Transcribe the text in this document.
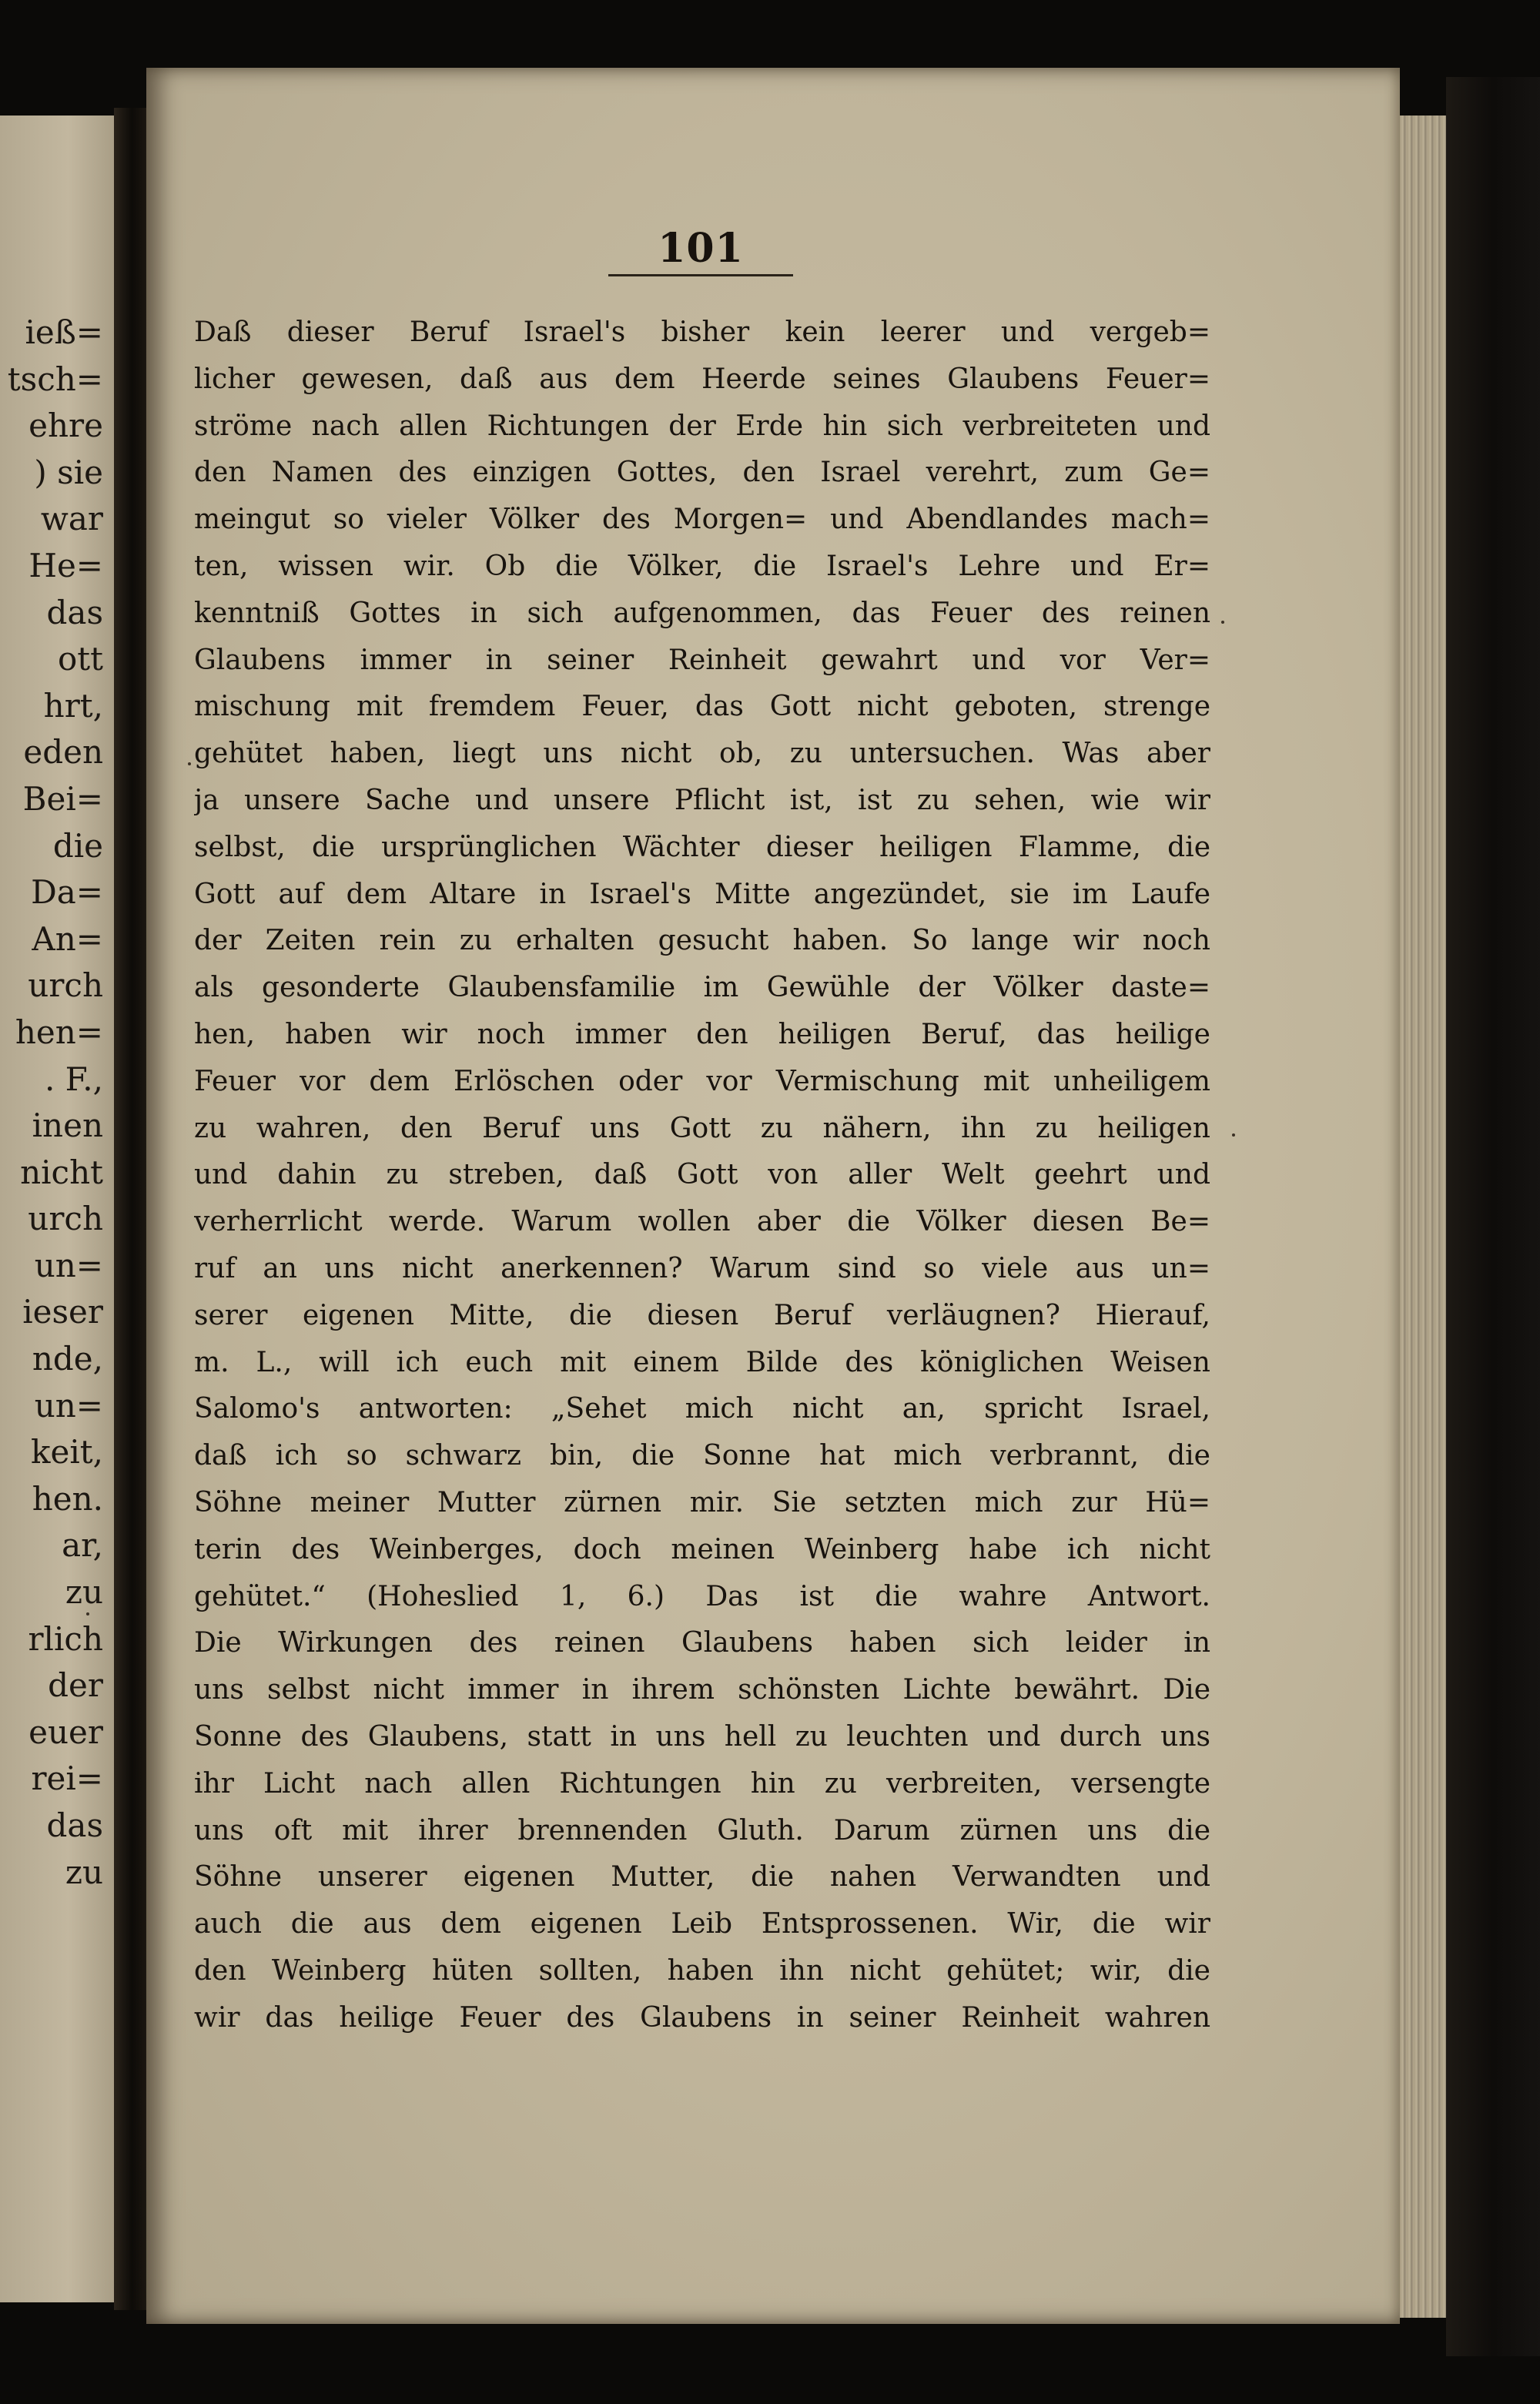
ieß=
tsch=
ehre
) sie
war
He=
das
ott
hrt,
eden
Bei=
die
Da=
An=
urch
hen=
. F.,
inen
nicht
urch
un=
ieser
nde,
un=
keit,
hen.
ar,
zu
rlich
der
euer
rei=
das
zu
101
Daß dieser Beruf Israel's bisher kein leerer und vergeb=
licher gewesen, daß aus dem Heerde seines Glaubens Feuer=
ströme nach allen Richtungen der Erde hin sich verbreiteten und
den Namen des einzigen Gottes, den Israel verehrt, zum Ge=
meingut so vieler Völker des Morgen= und Abendlandes mach=
ten, wissen wir. Ob die Völker, die Israel's Lehre und Er=
kenntniß Gottes in sich aufgenommen, das Feuer des reinen
Glaubens immer in seiner Reinheit gewahrt und vor Ver=
mischung mit fremdem Feuer, das Gott nicht geboten, strenge
gehütet haben, liegt uns nicht ob, zu untersuchen. Was aber
ja unsere Sache und unsere Pflicht ist, ist zu sehen, wie wir
selbst, die ursprünglichen Wächter dieser heiligen Flamme, die
Gott auf dem Altare in Israel's Mitte angezündet, sie im Laufe
der Zeiten rein zu erhalten gesucht haben. So lange wir noch
als gesonderte Glaubensfamilie im Gewühle der Völker daste=
hen, haben wir noch immer den heiligen Beruf, das heilige
Feuer vor dem Erlöschen oder vor Vermischung mit unheiligem
zu wahren, den Beruf uns Gott zu nähern, ihn zu heiligen
und dahin zu streben, daß Gott von aller Welt geehrt und
verherrlicht werde. Warum wollen aber die Völker diesen Be=
ruf an uns nicht anerkennen? Warum sind so viele aus un=
serer eigenen Mitte, die diesen Beruf verläugnen? Hierauf,
m. L., will ich euch mit einem Bilde des königlichen Weisen
Salomo's antworten: „Sehet mich nicht an, spricht Israel,
daß ich so schwarz bin, die Sonne hat mich verbrannt, die
Söhne meiner Mutter zürnen mir. Sie setzten mich zur Hü=
terin des Weinberges, doch meinen Weinberg habe ich nicht
gehütet.“ (Hoheslied 1, 6.) Das ist die wahre Antwort.
Die Wirkungen des reinen Glaubens haben sich leider in
uns selbst nicht immer in ihrem schönsten Lichte bewährt. Die
Sonne des Glaubens, statt in uns hell zu leuchten und durch uns
ihr Licht nach allen Richtungen hin zu verbreiten, versengte
uns oft mit ihrer brennenden Gluth. Darum zürnen uns die
Söhne unserer eigenen Mutter, die nahen Verwandten und
auch die aus dem eigenen Leib Entsprossenen. Wir, die wir
den Weinberg hüten sollten, haben ihn nicht gehütet; wir, die
wir das heilige Feuer des Glaubens in seiner Reinheit wahren
